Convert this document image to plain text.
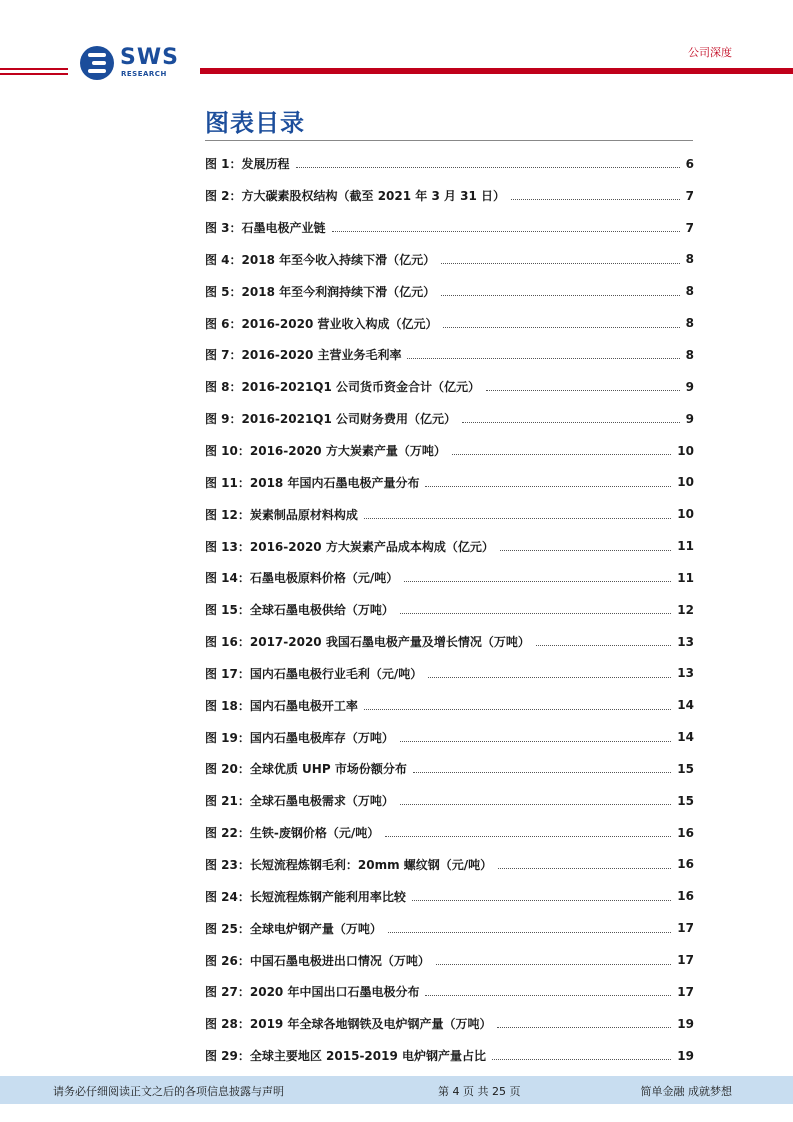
SWS
RESEARCH
公司深度
图表目录
图 1：发展历程	6
图 2：方大碳素股权结构（截至 2021 年 3 月 31 日）	7
图 3：石墨电极产业链	7
图 4：2018 年至今收入持续下滑（亿元）	8
图 5：2018 年至今利润持续下滑（亿元）	8
图 6：2016-2020 营业收入构成（亿元）	8
图 7：2016-2020 主营业务毛利率	8
图 8：2016-2021Q1 公司货币资金合计（亿元）	9
图 9：2016-2021Q1 公司财务费用（亿元）	9
图 10：2016-2020 方大炭素产量（万吨）	10
图 11：2018 年国内石墨电极产量分布	10
图 12：炭素制品原材料构成	10
图 13：2016-2020 方大炭素产品成本构成（亿元）	11
图 14：石墨电极原料价格（元/吨）	11
图 15：全球石墨电极供给（万吨）	12
图 16：2017-2020 我国石墨电极产量及增长情况（万吨）	13
图 17：国内石墨电极行业毛利（元/吨）	13
图 18：国内石墨电极开工率	14
图 19：国内石墨电极库存（万吨）	14
图 20：全球优质 UHP 市场份额分布	15
图 21：全球石墨电极需求（万吨）	15
图 22：生铁-废钢价格（元/吨）	16
图 23：长短流程炼钢毛利：20mm 螺纹钢（元/吨）	16
图 24：长短流程炼钢产能利用率比较	16
图 25：全球电炉钢产量（万吨）	17
图 26：中国石墨电极进出口情况（万吨）	17
图 27：2020 年中国出口石墨电极分布	17
图 28：2019 年全球各地钢铁及电炉钢产量（万吨）	19
图 29：全球主要地区 2015-2019 电炉钢产量占比	19
请务必仔细阅读正文之后的各项信息披露与声明	第 4 页 共 25 页	简单金融 成就梦想
